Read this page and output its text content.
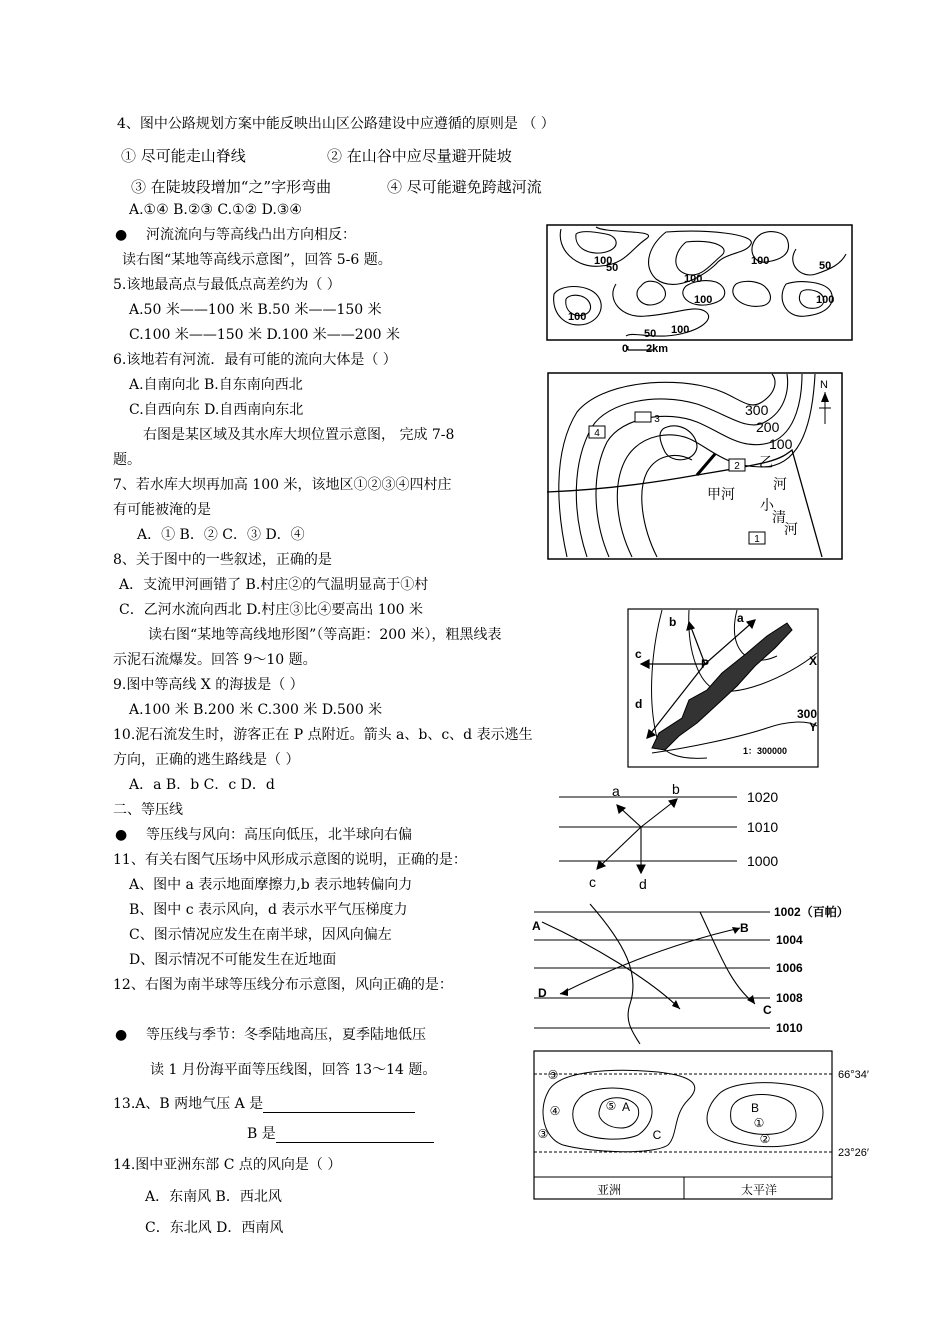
4、图中公路规划方案中能反映出山区公路建设中应遵循的原则是 （ ）
① 尽可能走山脊线	② 在山谷中应尽量避开陡坡
③ 在陡坡段增加“之”字形弯曲	④ 尽可能避免跨越河流
A.①④ B.②③ C.①② D.③④
● 河流流向与等高线凸出方向相反：
读右图“某地等高线示意图”，回答 5-6 题。
5.该地最高点与最低点高差约为（ ）
A.50 米——100 米 B.50 米——150 米
C.100 米——150 米 D.100 米——200 米
6.该地若有河流．最有可能的流向大体是（ ）
A.自南向北 B.自东南向西北
C.自西向东 D.自西南向东北
右图是某区域及其水库大坝位置示意图， 完成 7-8
题。
7、若水库大坝再加高 100 米，该地区①②③④四村庄
有可能被淹的是
A．① B．② C．③ D．④
8、关于图中的一些叙述，正确的是
A．支流甲河画错了 B.村庄②的气温明显高于①村
C．乙河水流向西北 D.村庄③比④要高出 100 米
读右图“某地等高线地形图”（等高距：200 米），粗黑线表
示泥石流爆发。回答 9～10 题。
9.图中等高线 X 的海拔是（ ）
A.100 米 B.200 米 C.300 米 D.500 米
10.泥石流发生时，游客正在 P 点附近。箭头 a、b、c、d 表示逃生
方向，正确的逃生路线是（ ）
A．a B．b C．c D．d
二、等压线
● 等压线与风向：高压向低压，北半球向右偏
11、有关右图气压场中风形成示意图的说明，正确的是：
A、图中 a 表示地面摩擦力,b 表示地转偏向力
B、图中 c 表示风向，d 表示水平气压梯度力
C、图示情况应发生在南半球，因风向偏左
D、图示情况不可能发生在近地面
12、右图为南半球等压线分布示意图，风向正确的是：
● 等压线与季节：冬季陆地高压，夏季陆地低压
读 1 月份海平面等压线图，回答 13～14 题。
13.A、B 两地气压 A 是
B 是
14.图中亚洲东部 C 点的风向是（ ）
A．东南风 B．西北风
C．东北风 D．西南风
100
50
100
50
100
100
100
100
50 100
0 2km
4
3
2
1
300
200
100
甲河
乙
河
小
清
河
N
a
b
c
d
P	X
Y
300
1：300000
a	b
c	d
1020
1010
1000
A	B
C
D
1002（百帕）
1004
1006
1008
1010
③
④	⑤
③
①
②
A	B
C
66°34′
23°26′
亚洲	太平洋
